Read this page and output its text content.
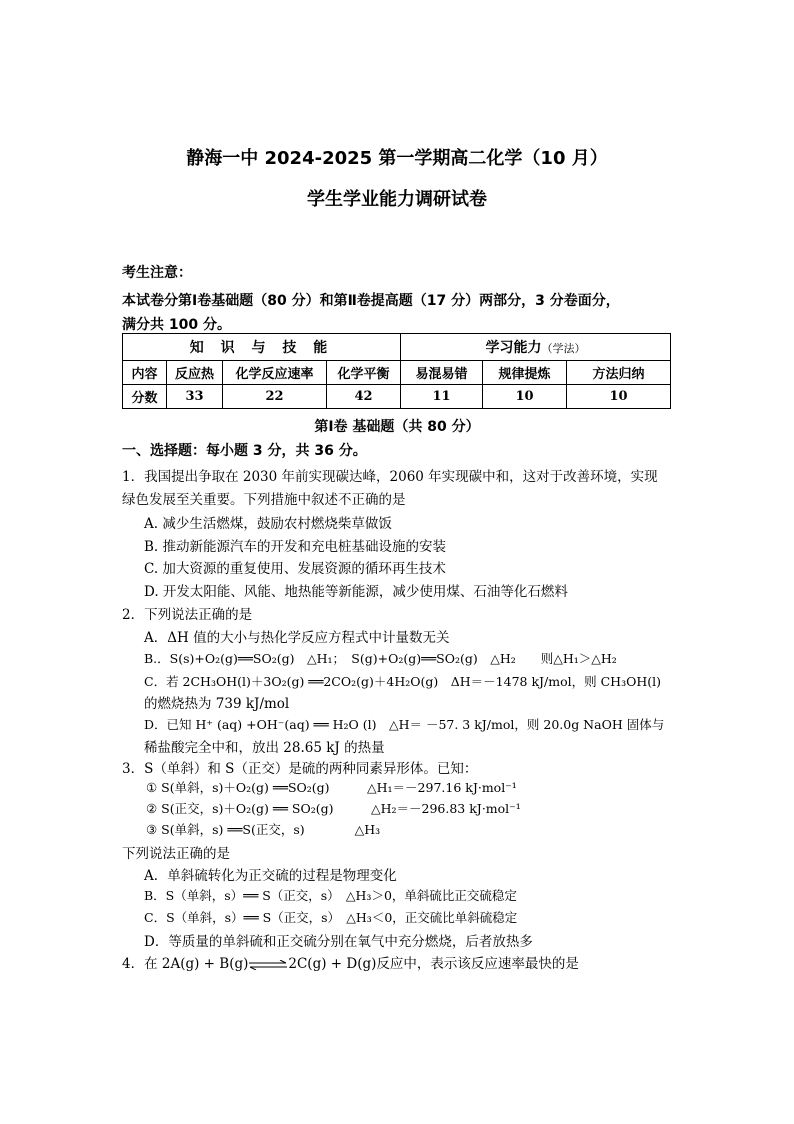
静海一中 2024-2025 第一学期高二化学（10 月）
学生学业能力调研试卷
考生注意：
本试卷分第Ⅰ卷基础题（80 分）和第Ⅱ卷提高题（17 分）两部分，3 分卷面分，
满分共 100 分。
知 识 与 技 能				学习能力（学法）		
内容	反应热	化学反应速率	化学平衡	易混易错	规律提炼	方法归纳
分数	33	22	42	11	10	10
第Ⅰ卷 基础题（共 80 分）
一、选择题：每小题 3 分，共 36 分。
1．我国提出争取在 2030 年前实现碳达峰，2060 年实现碳中和，这对于改善环境，实现
绿色发展至关重要。下列措施中叙述不正确的是
A. 减少生活燃煤，鼓励农村燃烧柴草做饭
B. 推动新能源汽车的开发和充电桩基础设施的安装
C. 加大资源的重复使用、发展资源的循环再生技术
D. 开发太阳能、风能、地热能等新能源，减少使用煤、石油等化石燃料
2．下列说法正确的是
A．ΔH 值的大小与热化学反应方程式中计量数无关
B.．S(s)+O₂(g)══SO₂(g)　△H₁；　S(g)+O₂(g)══SO₂(g)　△H₂　　则△H₁＞△H₂
C．若 2CH₃OH(l)＋3O₂(g) ══2CO₂(g)＋4H₂O(g)　ΔH＝－1478 kJ/mol，则 CH₃OH(l)
的燃烧热为 739 kJ/mol
D．已知 H⁺ (aq) +OH⁻(aq) ══ H₂O (l)　△H＝ －57. 3 kJ/mol，则 20.0g NaOH 固体与
稀盐酸完全中和，放出 28.65 kJ 的热量
3．S（单斜）和 S（正交）是硫的两种同素异形体。已知：
① S(单斜，s)＋O₂(g) ══SO₂(g)　　　△H₁＝－297.16 kJ·mol⁻¹
② S(正交，s)＋O₂(g) ══ SO₂(g)　　　△H₂＝－296.83 kJ·mol⁻¹
③ S(单斜，s) ══S(正交，s)　　　　△H₃
下列说法正确的是
A．单斜硫转化为正交硫的过程是物理变化
B．S（单斜，s）══ S（正交，s）　△H₃＞0，单斜硫比正交硫稳定
C．S（单斜，s）══ S（正交，s）　△H₃＜0，正交硫比单斜硫稳定
D．等质量的单斜硫和正交硫分别在氧气中充分燃烧，后者放热多
4．在 2A(g) + B(g)⇌2C(g) + D(g)反应中，表示该反应速率最快的是
